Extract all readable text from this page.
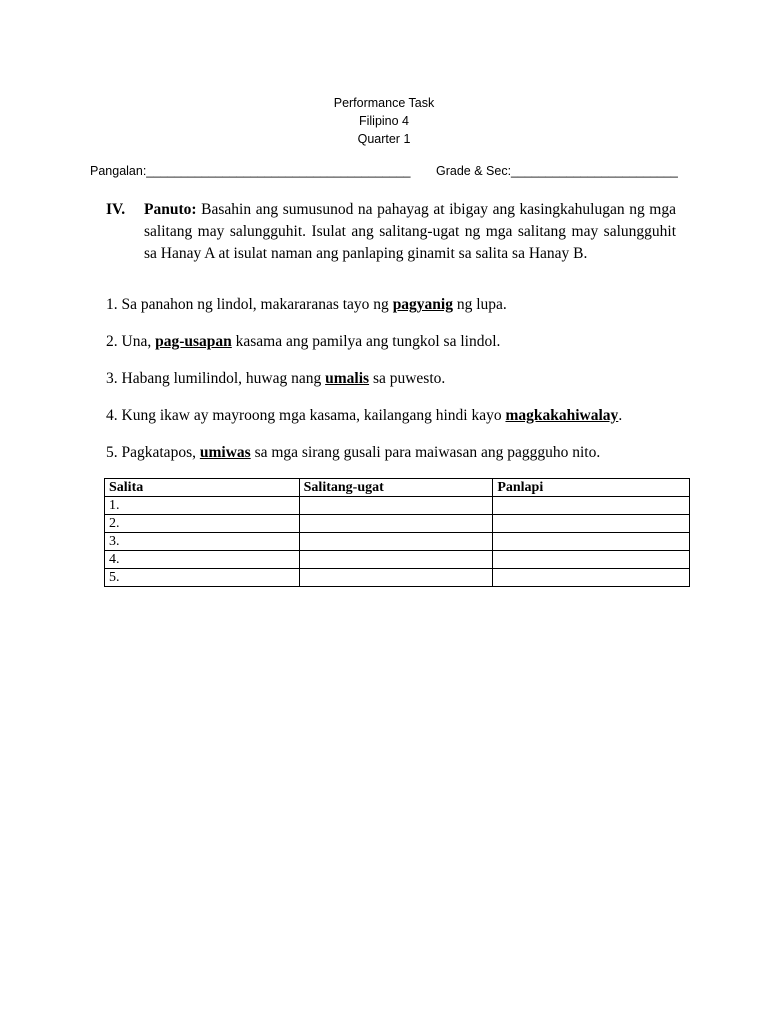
Performance Task
Filipino 4
Quarter 1
Pangalan:______________________________________ Grade & Sec:________________________
IV. Panuto: Basahin ang sumusunod na pahayag at ibigay ang kasingkahulugan ng mga salitang may salungguhit. Isulat ang salitang-ugat ng mga salitang may salungguhit sa Hanay A at isulat naman ang panlaping ginamit sa salita sa Hanay B.
1. Sa panahon ng lindol, makararanas tayo ng pagyanig ng lupa.
2. Una, pag-usapan kasama ang pamilya ang tungkol sa lindol.
3. Habang lumilindol, huwag nang umalis sa puwesto.
4. Kung ikaw ay mayroong mga kasama, kailangang hindi kayo magkakahiwalay.
5. Pagkatapos, umiwas sa mga sirang gusali para maiwasan ang paggguho nito.
Salita	Salitang-ugat	Panlapi
1.		
2.		
3.		
4.		
5.		
